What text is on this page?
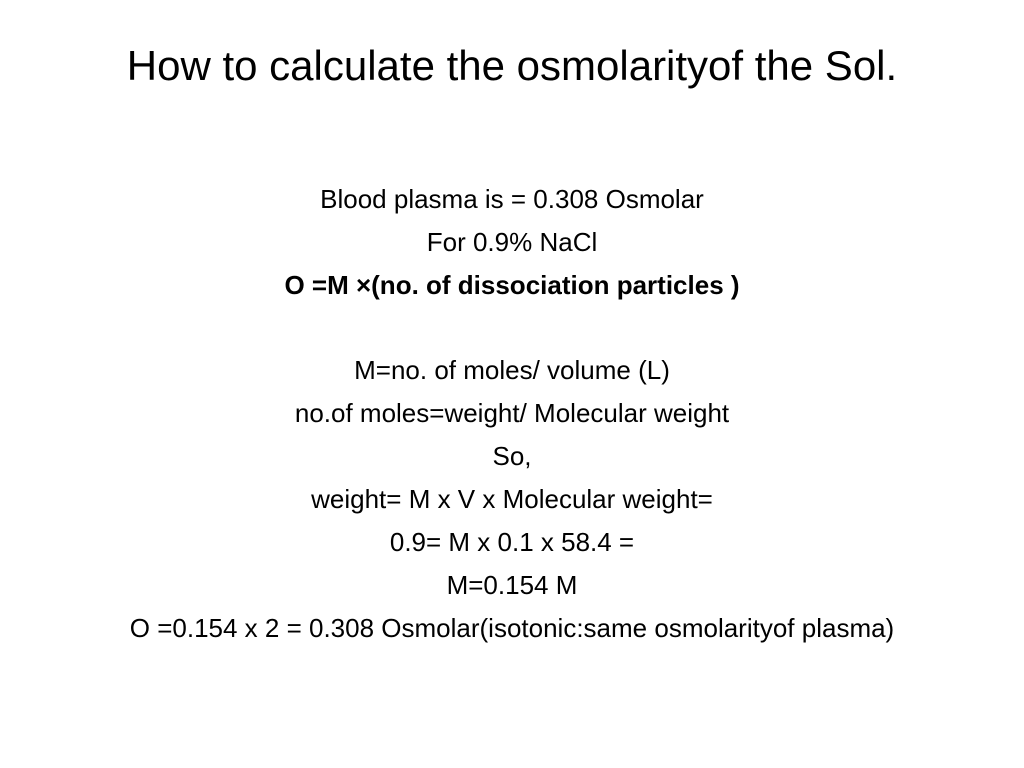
How to calculate the osmolarityof the Sol.
Blood plasma is = 0.308 Osmolar
For 0.9% NaCl
O =M ×(no. of dissociation particles )
M=no. of moles/ volume (L)
no.of moles=weight/ Molecular weight
So,
weight= M x V x Molecular weight=
0.9= M x 0.1 x 58.4 =
M=0.154 M
O =0.154 x 2 = 0.308 Osmolar(isotonic:same osmolarityof plasma)
